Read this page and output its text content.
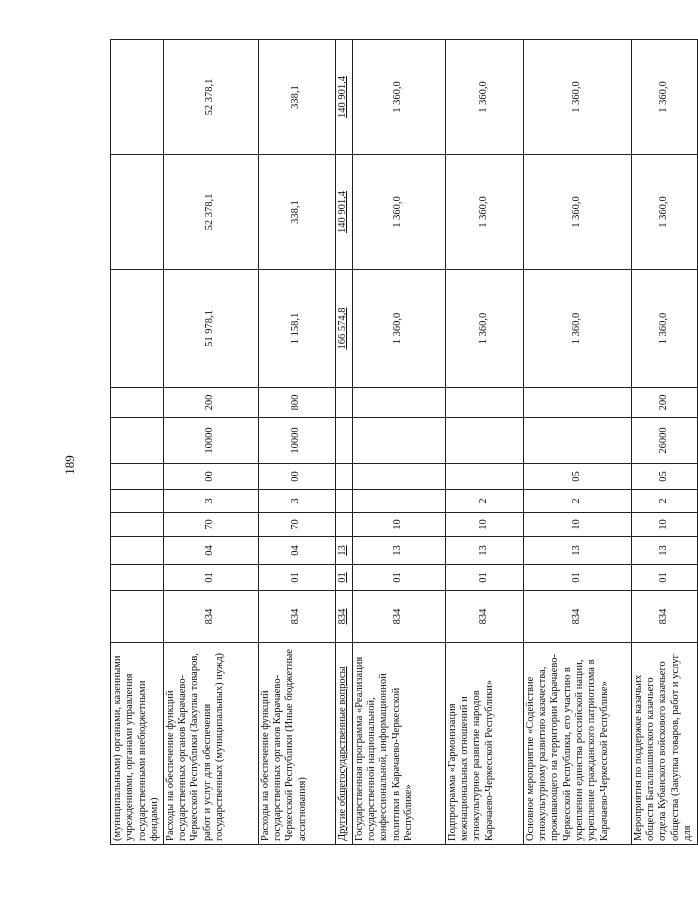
189
(муниципальными) органами, казенными учреждениями, органами управления государственными внебюджетными фондами)											
Расходы на обеспечение функций государственных органов Карачаево-Черкесской Республики (Закупка товаров, работ и услуг для обеспечения государственных (муниципальных) нужд)	834	01	04	70	3	00	10000	200	51 978,1	52 378,1	52 378,1
Расходы на обеспечение функций государственных органов Карачаево-Черкесской Республики (Иные бюджетные ассигнования)	834	01	04	70	3	00	10000	800	1 158,1	338,1	338,1
Другие общегосударственные вопросы	834	01	13						166 574,8	140 901,4	140 901,4
Государственная программа «Реализация государственной национальной, конфессиональной, информационной политики в Карачаево-Черкесской Республике»	834	01	13	10					1 360,0	1 360,0	1 360,0
Подпрограмма «Гармонизация межнациональных отношений и этнокультурное развитие народов Карачаево-Черкесской Республики»	834	01	13	10	2				1 360,0	1 360,0	1 360,0
Основное мероприятие «Содействие этнокультурному развитию казачества, проживающего на территории Карачаево-Черкесской Республики, его участию в укреплении единства российской нации, укрепление гражданского патриотизма в Карачаево-Черкесской Республике»	834	01	13	10	2	05			1 360,0	1 360,0	1 360,0
Мероприятия по поддержке казачьих обществ Баталпашинского казачьего отдела Кубанского войскового казачьего общества (Закупка товаров, работ и услуг для	834	01	13	10	2	05	26000	200	1 360,0	1 360,0	1 360,0
